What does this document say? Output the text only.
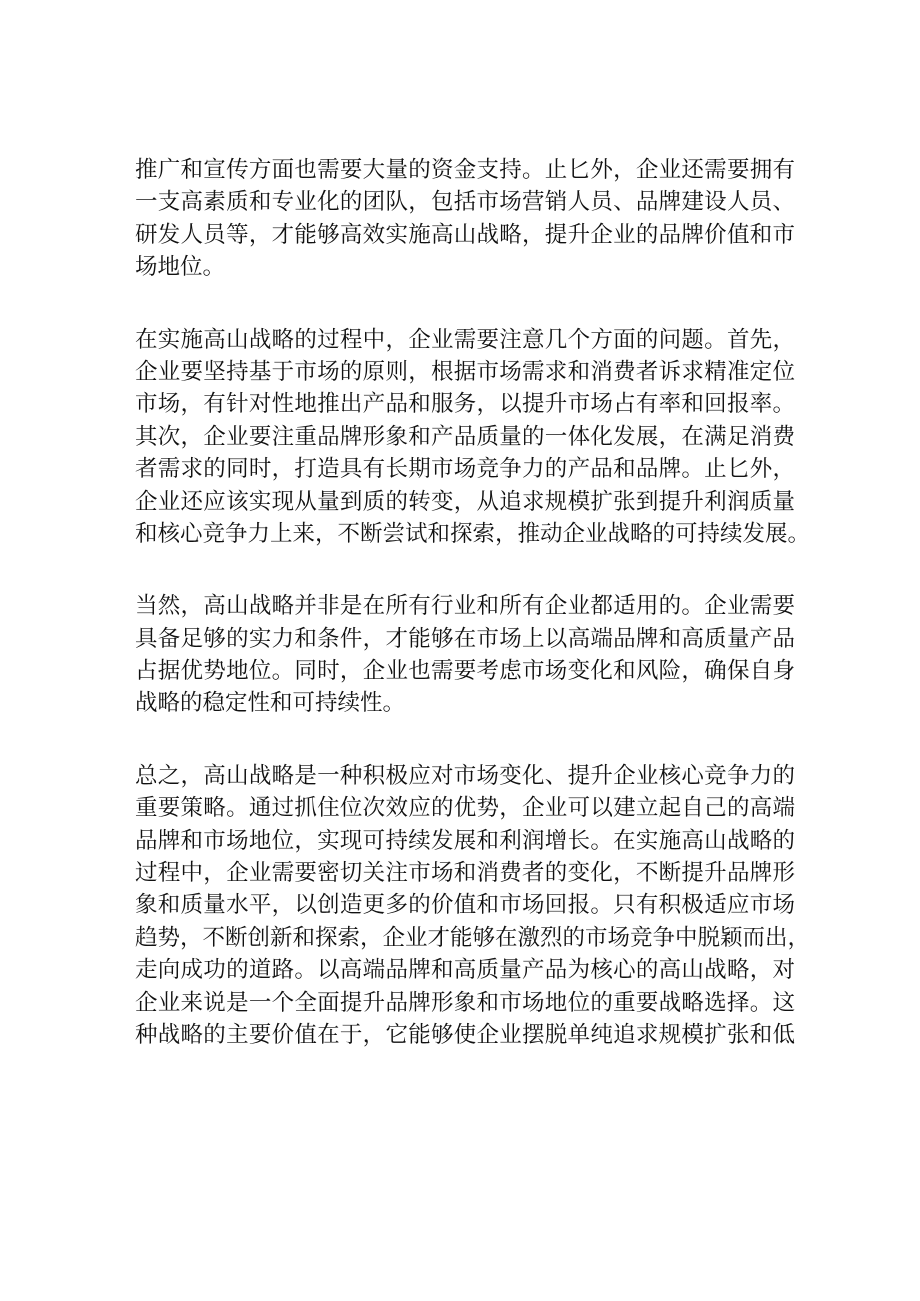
推广和宣传方面也需要大量的资金支持。止匕外，企业还需要拥有
一支高素质和专业化的团队，包括市场营销人员、品牌建设人员、
研发人员等，才能够高效实施高山战略，提升企业的品牌价值和市
场地位。
在实施高山战略的过程中，企业需要注意几个方面的问题。首先，
企业要坚持基于市场的原则，根据市场需求和消费者诉求精准定位
市场，有针对性地推出产品和服务，以提升市场占有率和回报率。
其次，企业要注重品牌形象和产品质量的一体化发展，在满足消费
者需求的同时，打造具有长期市场竞争力的产品和品牌。止匕外，
企业还应该实现从量到质的转变，从追求规模扩张到提升利润质量
和核心竞争力上来，不断尝试和探索，推动企业战略的可持续发展。
当然，高山战略并非是在所有行业和所有企业都适用的。企业需要
具备足够的实力和条件，才能够在市场上以高端品牌和高质量产品
占据优势地位。同时，企业也需要考虑市场变化和风险，确保自身
战略的稳定性和可持续性。
总之，高山战略是一种积极应对市场变化、提升企业核心竞争力的
重要策略。通过抓住位次效应的优势，企业可以建立起自己的高端
品牌和市场地位，实现可持续发展和利润增长。在实施高山战略的
过程中，企业需要密切关注市场和消费者的变化，不断提升品牌形
象和质量水平，以创造更多的价值和市场回报。只有积极适应市场
趋势，不断创新和探索，企业才能够在激烈的市场竞争中脱颖而出，
走向成功的道路。以高端品牌和高质量产品为核心的高山战略，对
企业来说是一个全面提升品牌形象和市场地位的重要战略选择。这
种战略的主要价值在于，它能够使企业摆脱单纯追求规模扩张和低
